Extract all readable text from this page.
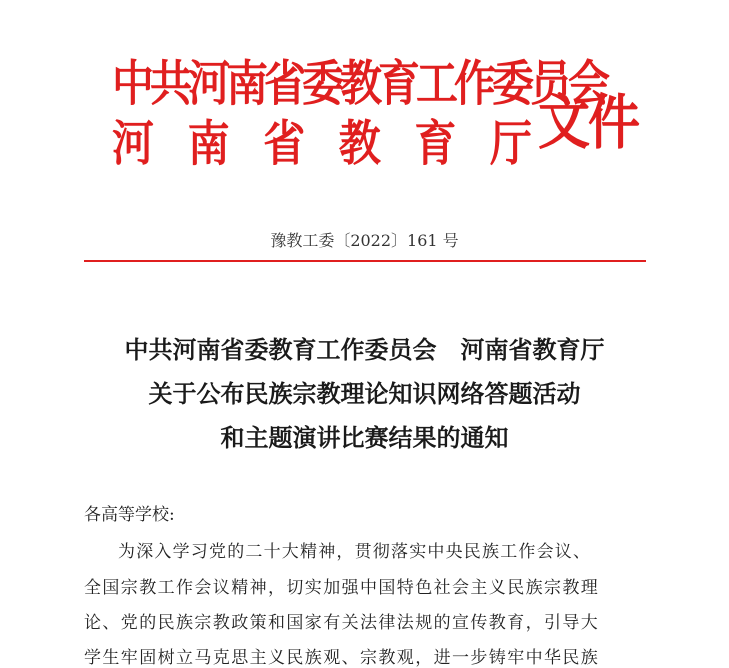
中共河南省委教育工作委员会
河 南 省 教 育 厅 文件
豫教工委〔2022〕161 号
中共河南省委教育工作委员会　河南省教育厅
关于公布民族宗教理论知识网络答题活动
和主题演讲比赛结果的通知
各高等学校:
为深入学习党的二十大精神，贯彻落实中央民族工作会议、
全国宗教工作会议精神，切实加强中国特色社会主义民族宗教理
论、党的民族宗教政策和国家有关法律法规的宣传教育，引导大
学生牢固树立马克思主义民族观、宗教观，进一步铸牢中华民族
